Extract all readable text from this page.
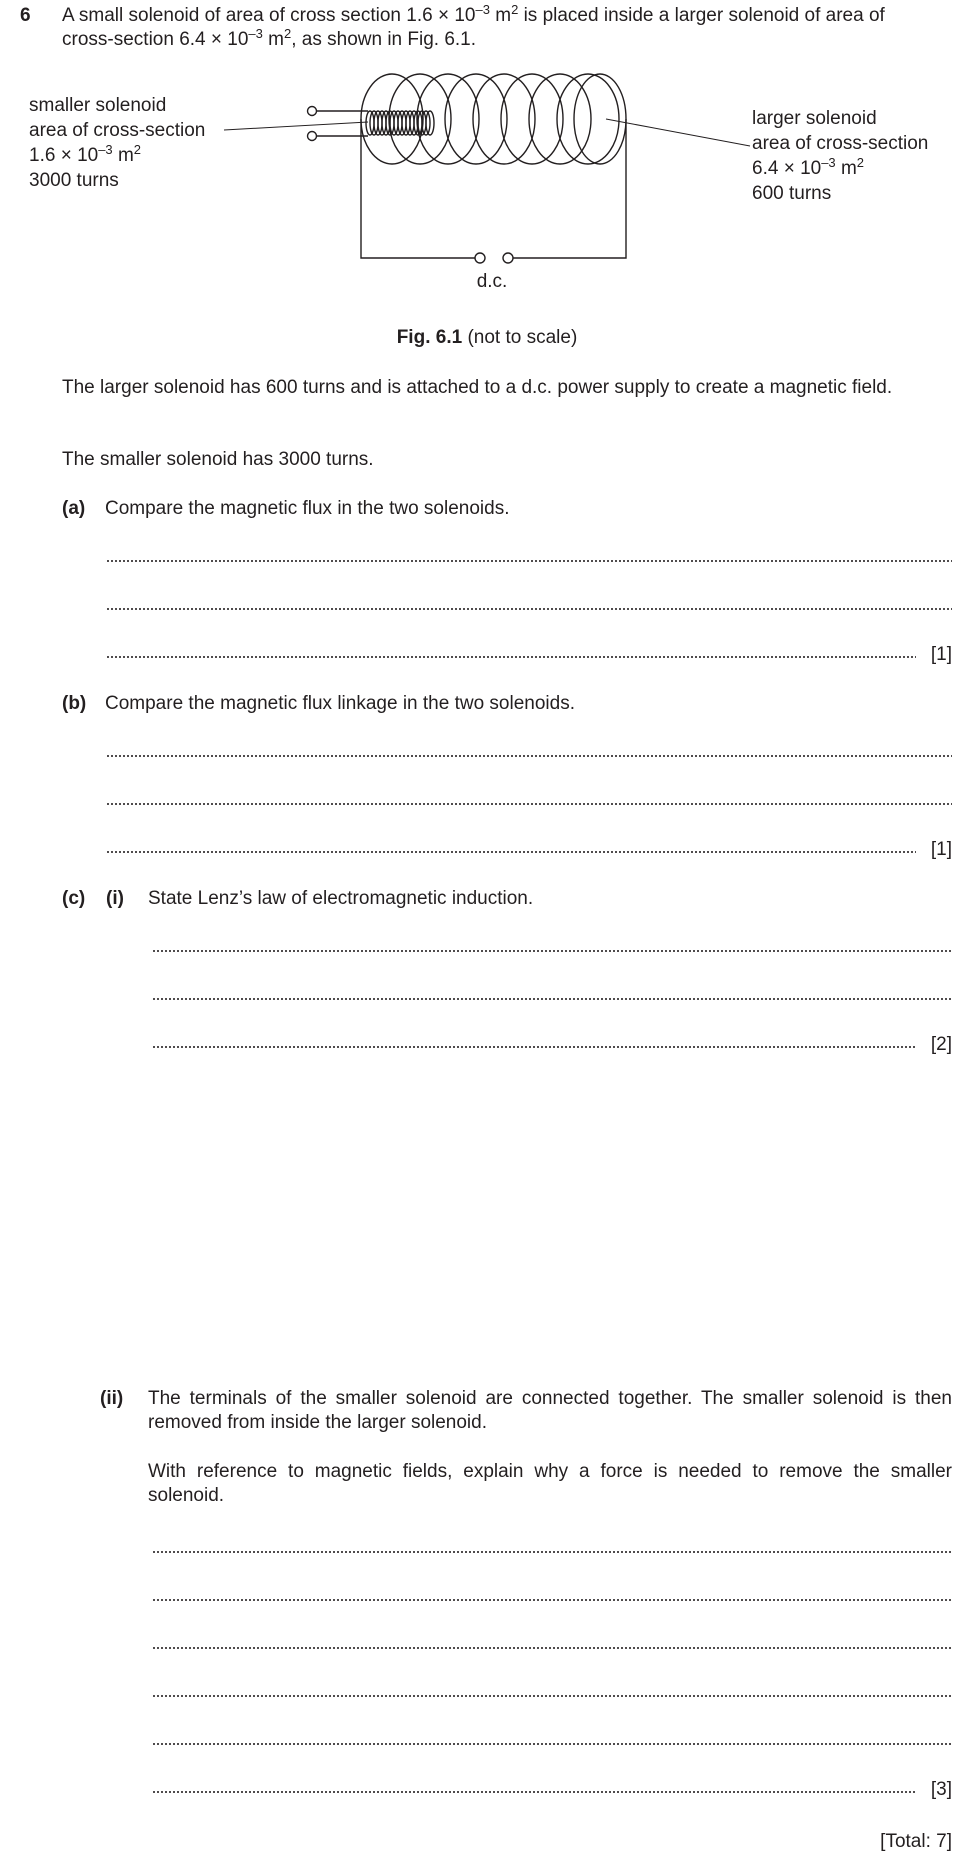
6 A small solenoid of area of cross section $1.6 \times 10^{-3}$ $m^2$ is placed inside a larger solenoid of area of
cross-section $6.4 \times 10^{-3}$ $m^2$, as shown in Fig. 6.1.
smaller solenoid
area of cross-section
$1.6 \times 10^{-3}$ $m^2$
3000 turns
larger solenoid
area of cross-section
$6.4 \times 10^{-3}$ $m^2$
600 turns
d.c.
Fig. 6.1 (not to scale)
The larger solenoid has 600 turns and is attached to a d.c. power supply to create a magnetic field.
The smaller solenoid has 3000 turns.
(a) Compare the magnetic flux in the two solenoids.
[1]
(b) Compare the magnetic flux linkage in the two solenoids.
[1]
(c) (i) State Lenz’s law of electromagnetic induction.
[2]
(ii) The terminals of the smaller solenoid are connected together. The smaller solenoid is then removed from inside the larger solenoid.
With reference to magnetic fields, explain why a force is needed to remove the smaller solenoid.
[3]
[Total: 7]
